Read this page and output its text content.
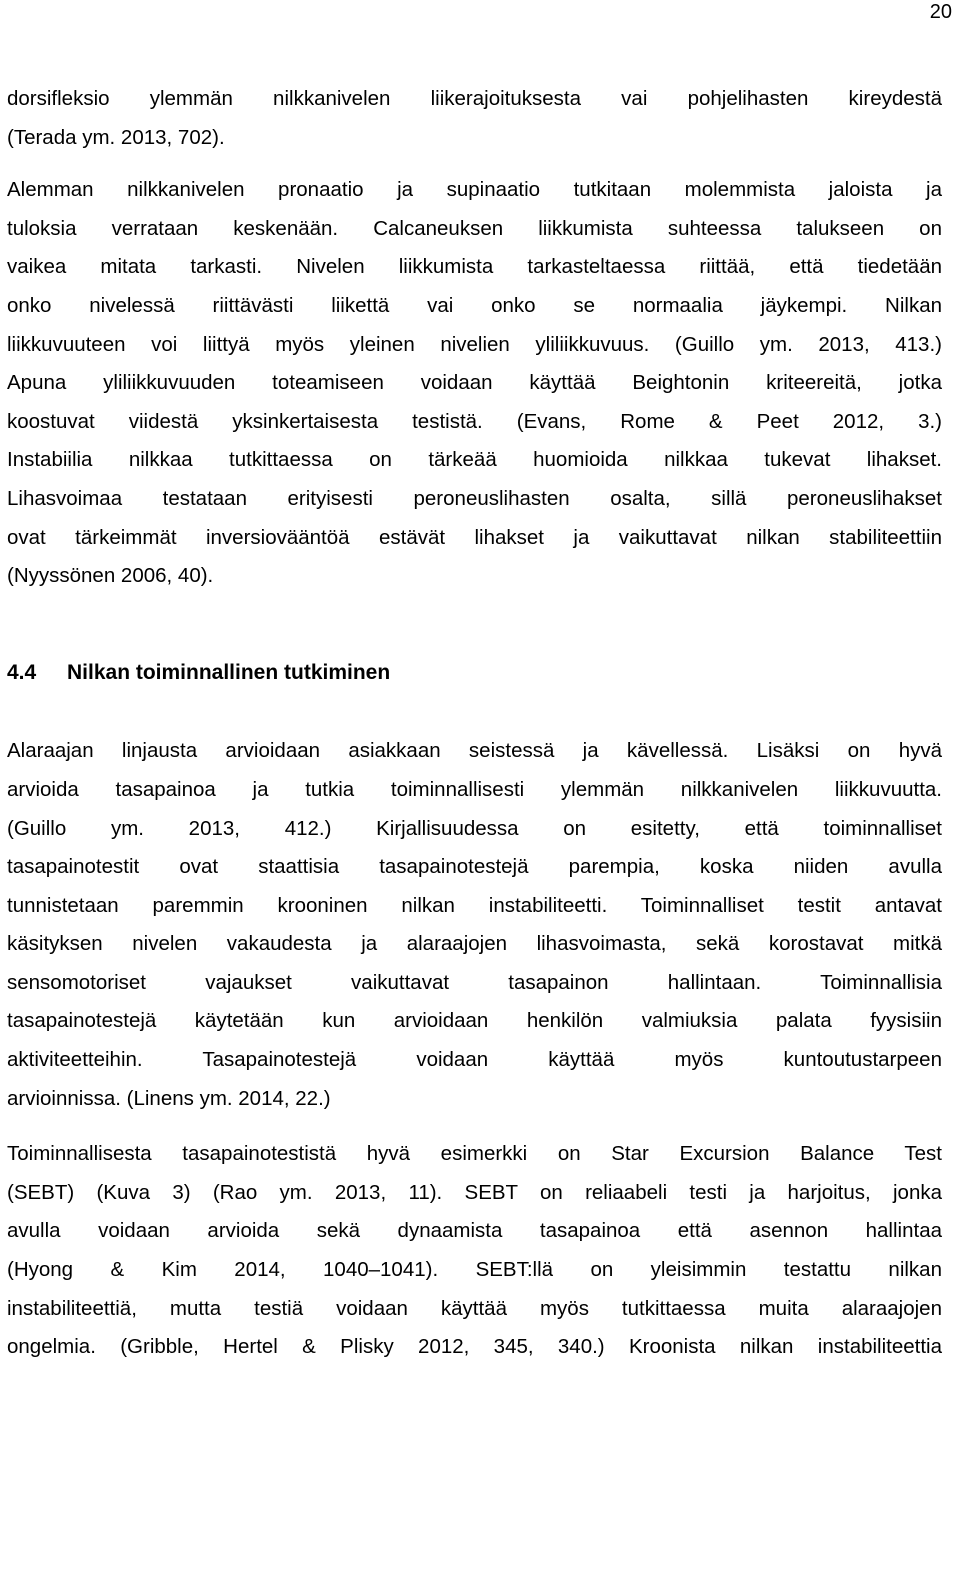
20
dorsifleksio ylemmän nilkkanivelen liikerajoituksesta vai pohjelihasten kireydestä
(Terada ym. 2013, 702).
Alemman nilkkanivelen pronaatio ja supinaatio tutkitaan molemmista jaloista ja
tuloksia verrataan keskenään. Calcaneuksen liikkumista suhteessa talukseen on
vaikea mitata tarkasti. Nivelen liikkumista tarkasteltaessa riittää, että tiedetään
onko nivelessä riittävästi liikettä vai onko se normaalia jäykempi. Nilkan
liikkuvuuteen voi liittyä myös yleinen nivelien yliliikkuvuus. (Guillo ym. 2013, 413.)
Apuna yliliikkuvuuden toteamiseen voidaan käyttää Beightonin kriteereitä, jotka
koostuvat viidestä yksinkertaisesta testistä. (Evans, Rome & Peet 2012, 3.)
Instabiilia nilkkaa tutkittaessa on tärkeää huomioida nilkkaa tukevat lihakset.
Lihasvoimaa testataan erityisesti peroneuslihasten osalta, sillä peroneuslihakset
ovat tärkeimmät inversiovääntöä estävät lihakset ja vaikuttavat nilkan stabiliteettiin
(Nyyssönen 2006, 40).
4.4 Nilkan toiminnallinen tutkiminen
Alaraajan linjausta arvioidaan asiakkaan seistessä ja kävellessä. Lisäksi on hyvä
arvioida tasapainoa ja tutkia toiminnallisesti ylemmän nilkkanivelen liikkuvuutta.
(Guillo ym. 2013, 412.) Kirjallisuudessa on esitetty, että toiminnalliset
tasapainotestit ovat staattisia tasapainotestejä parempia, koska niiden avulla
tunnistetaan paremmin krooninen nilkan instabiliteetti. Toiminnalliset testit antavat
käsityksen nivelen vakaudesta ja alaraajojen lihasvoimasta, sekä korostavat mitkä
sensomotoriset vajaukset vaikuttavat tasapainon hallintaan. Toiminnallisia
tasapainotestejä käytetään kun arvioidaan henkilön valmiuksia palata fyysisiin
aktiviteetteihin. Tasapainotestejä voidaan käyttää myös kuntoutustarpeen
arvioinnissa. (Linens ym. 2014, 22.)
Toiminnallisesta tasapainotestistä hyvä esimerkki on Star Excursion Balance Test
(SEBT) (Kuva 3) (Rao ym. 2013, 11). SEBT on reliaabeli testi ja harjoitus, jonka
avulla voidaan arvioida sekä dynaamista tasapainoa että asennon hallintaa
(Hyong & Kim 2014, 1040–1041). SEBT:llä on yleisimmin testattu nilkan
instabiliteettiä, mutta testiä voidaan käyttää myös tutkittaessa muita alaraajojen
ongelmia. (Gribble, Hertel & Plisky 2012, 345, 340.) Kroonista nilkan instabiliteettia
